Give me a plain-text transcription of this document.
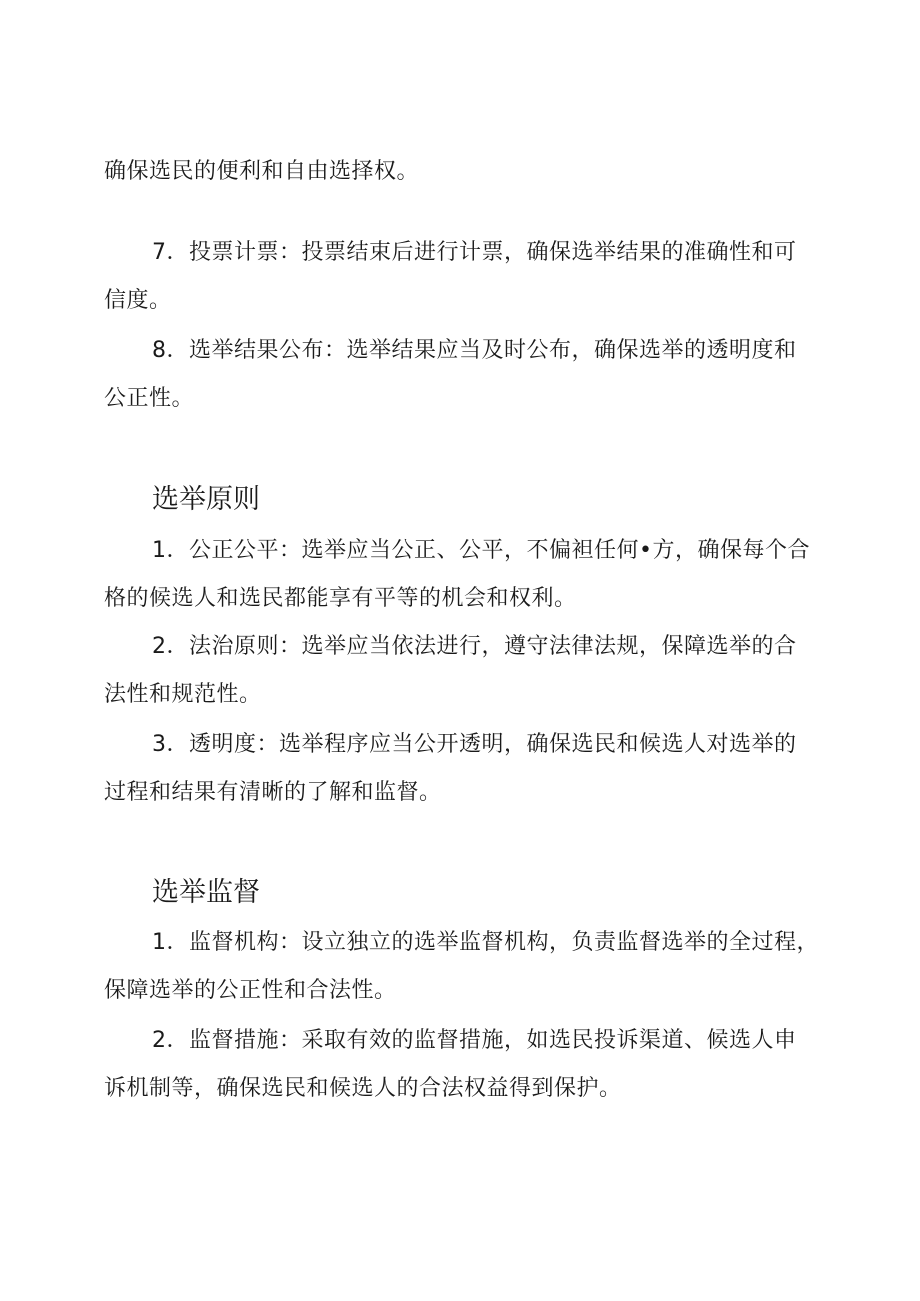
确保选民的便利和自由选择权。
7．投票计票：投票结束后进行计票，确保选举结果的准确性和可
信度。
8．选举结果公布：选举结果应当及时公布，确保选举的透明度和
公正性。
选举原则
1．公正公平：选举应当公正、公平，不偏袒任何•方，确保每个合
格的候选人和选民都能享有平等的机会和权利。
2．法治原则：选举应当依法进行，遵守法律法规，保障选举的合
法性和规范性。
3．透明度：选举程序应当公开透明，确保选民和候选人对选举的
过程和结果有清晰的了解和监督。
选举监督
1．监督机构：设立独立的选举监督机构，负责监督选举的全过程，
保障选举的公正性和合法性。
2．监督措施：采取有效的监督措施，如选民投诉渠道、候选人申
诉机制等，确保选民和候选人的合法权益得到保护。
